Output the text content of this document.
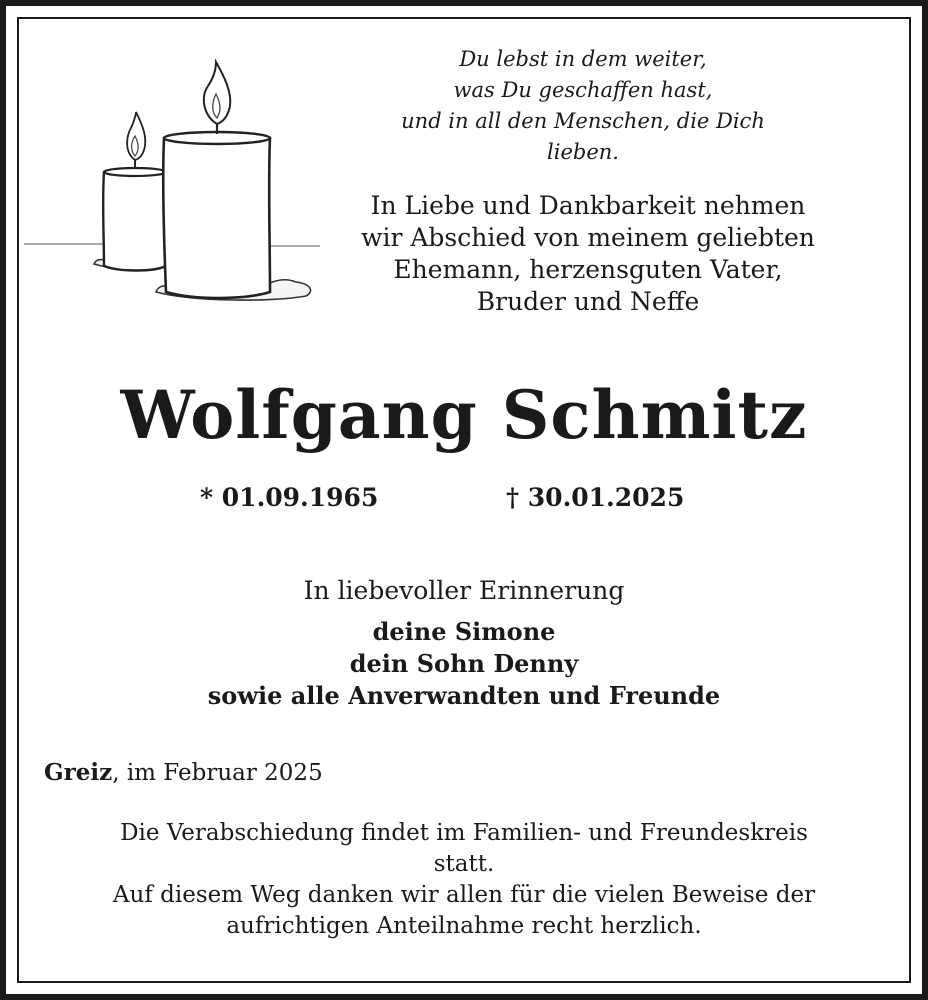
Du lebst in dem weiter,
was Du geschaffen hast,
und in all den Menschen, die Dich
lieben.
In Liebe und Dankbarkeit nehmen
wir Abschied von meinem geliebten
Ehemann, herzensguten Vater,
Bruder und Neffe
Wolfgang Schmitz
* 01.09.1965	† 30.01.2025
In liebevoller Erinnerung
deine Simone
dein Sohn Denny
sowie alle Anverwandten und Freunde
Greiz, im Februar 2025
Die Verabschiedung findet im Familien- und Freundeskreis
statt.
Auf diesem Weg danken wir allen für die vielen Beweise der
aufrichtigen Anteilnahme recht herzlich.
